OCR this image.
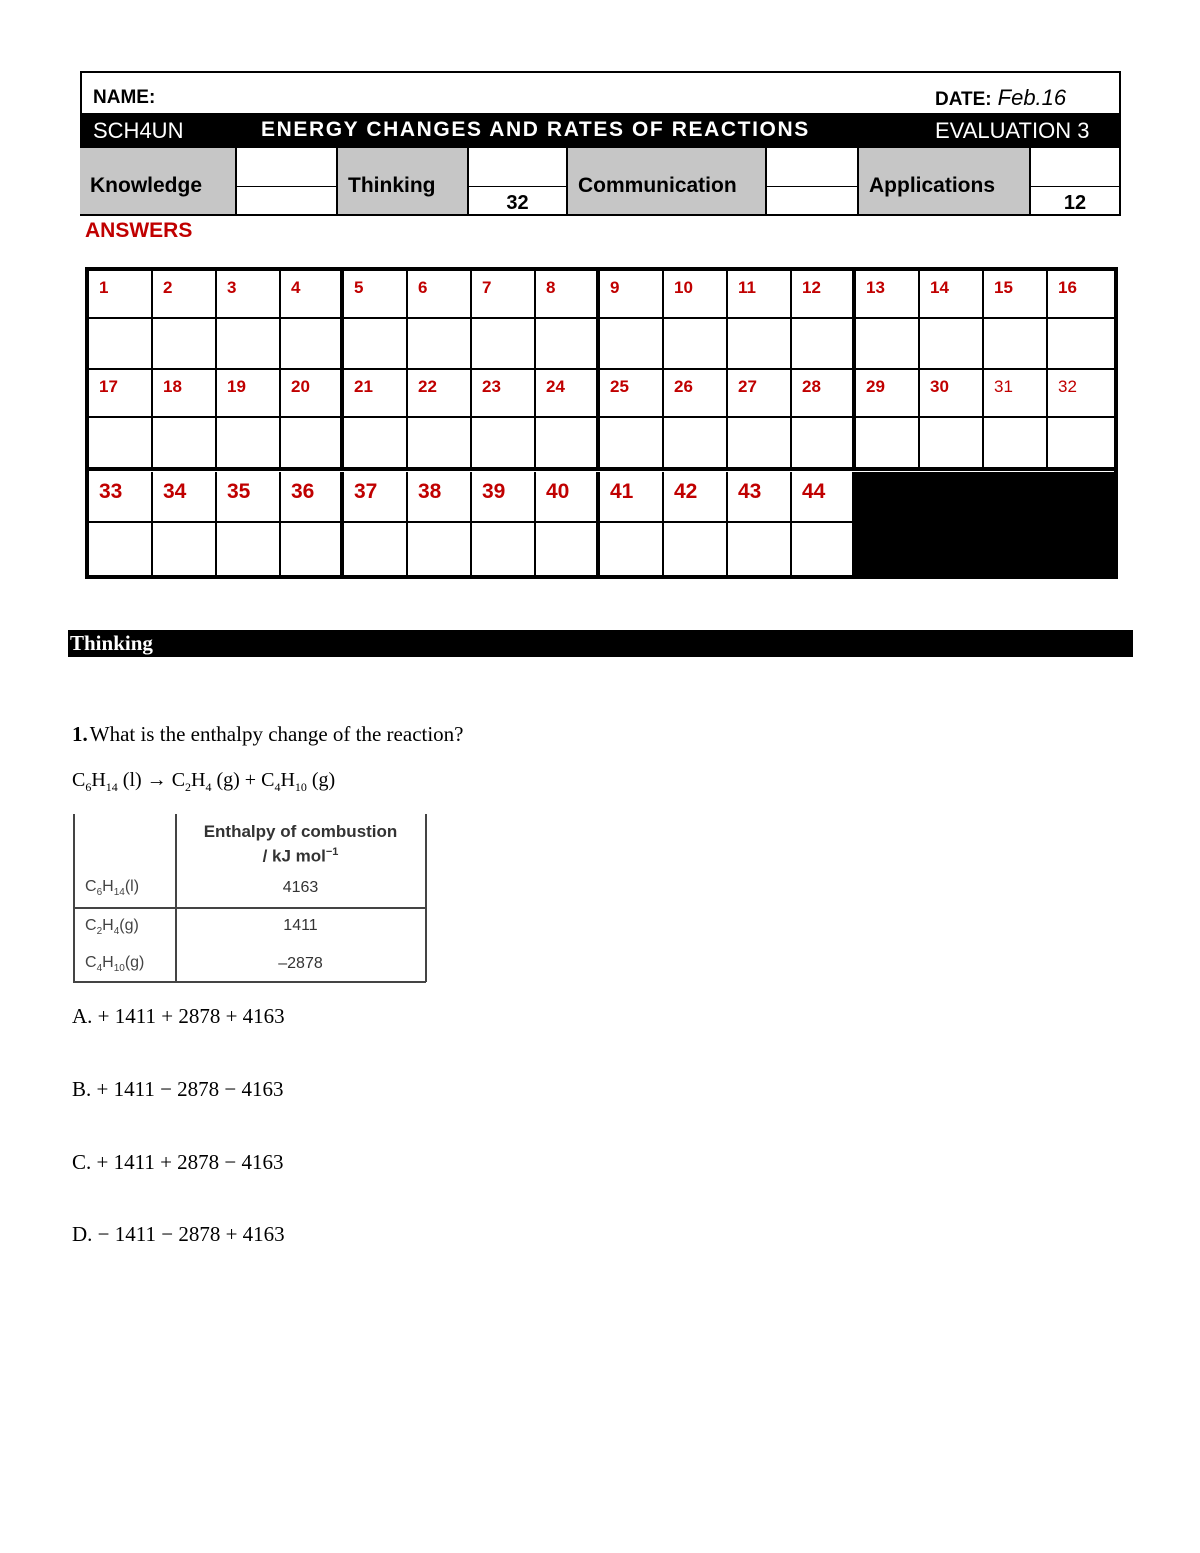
NAME:	DATE: Feb.16
SCH4UN	ENERGY CHANGES AND RATES OF REACTIONS	EVALUATION 3
Knowledge	Thinking
32
Communication	Applications
12
ANSWERS
1	2	3	4	5	6	7	8	9	10	11	12	13	14	15	16
17	18	19	20	21	22	23	24	25	26	27	28	29	30	31	32
33 34 35 36 37 38 39 40 41 42 43 44
Thinking
1.What is the enthalpy change of the reaction?
$C_6H_{14}$ $(l) \to C_2H_4$ $(g) + C_4H_{10}$ (g)
Enthalpy of combustion
/ kJ mol$^{-1}$
$C_6H_{14}(l)$	4163
$C_2H_4(g)$	1411
$C_4H_{10}(g)$	–2878
A. + 1411 + 2878 + 4163
B. + 1411 − 2878 − 4163
C. + 1411 + 2878 − 4163
D. − 1411 − 2878 + 4163
